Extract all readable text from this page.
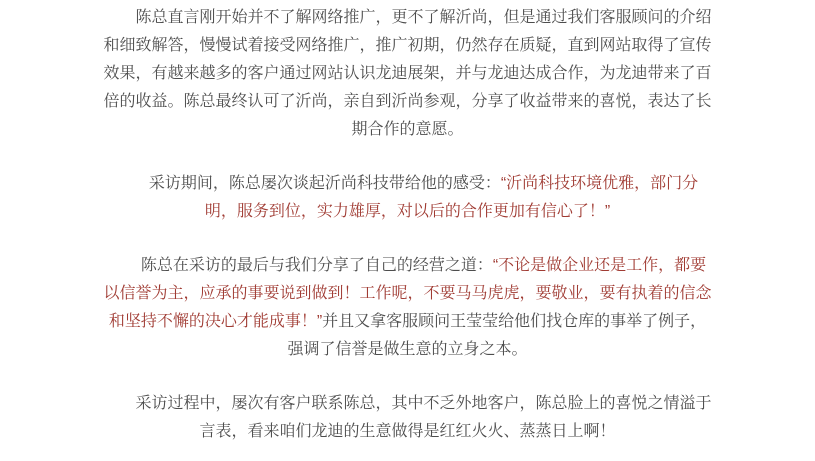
陈总直言刚开始并不了解网络推广，更不了解沂尚，但是通过我们客服顾问的介绍和细致解答，慢慢试着接受网络推广，推广初期，仍然存在质疑，直到网站取得了宣传效果，有越来越多的客户通过网站认识龙迪展架，并与龙迪达成合作，为龙迪带来了百倍的收益。陈总最终认可了沂尚，亲自到沂尚参观，分享了收益带来的喜悦，表达了长期合作的意愿。

采访期间，陈总屡次谈起沂尚科技带给他的感受：“沂尚科技环境优雅，部门分明，服务到位，实力雄厚，对以后的合作更加有信心了！”

陈总在采访的最后与我们分享了自己的经营之道：“不论是做企业还是工作，都要以信誉为主，应承的事要说到做到！工作呢，不要马马虎虎，要敬业，要有执着的信念和坚持不懈的决心才能成事！”并且又拿客服顾问王莹莹给他们找仓库的事举了例子，强调了信誉是做生意的立身之本。

采访过程中，屡次有客户联系陈总，其中不乏外地客户，陈总脸上的喜悦之情溢于言表，看来咱们龙迪的生意做得是红红火火、蒸蒸日上啊！
